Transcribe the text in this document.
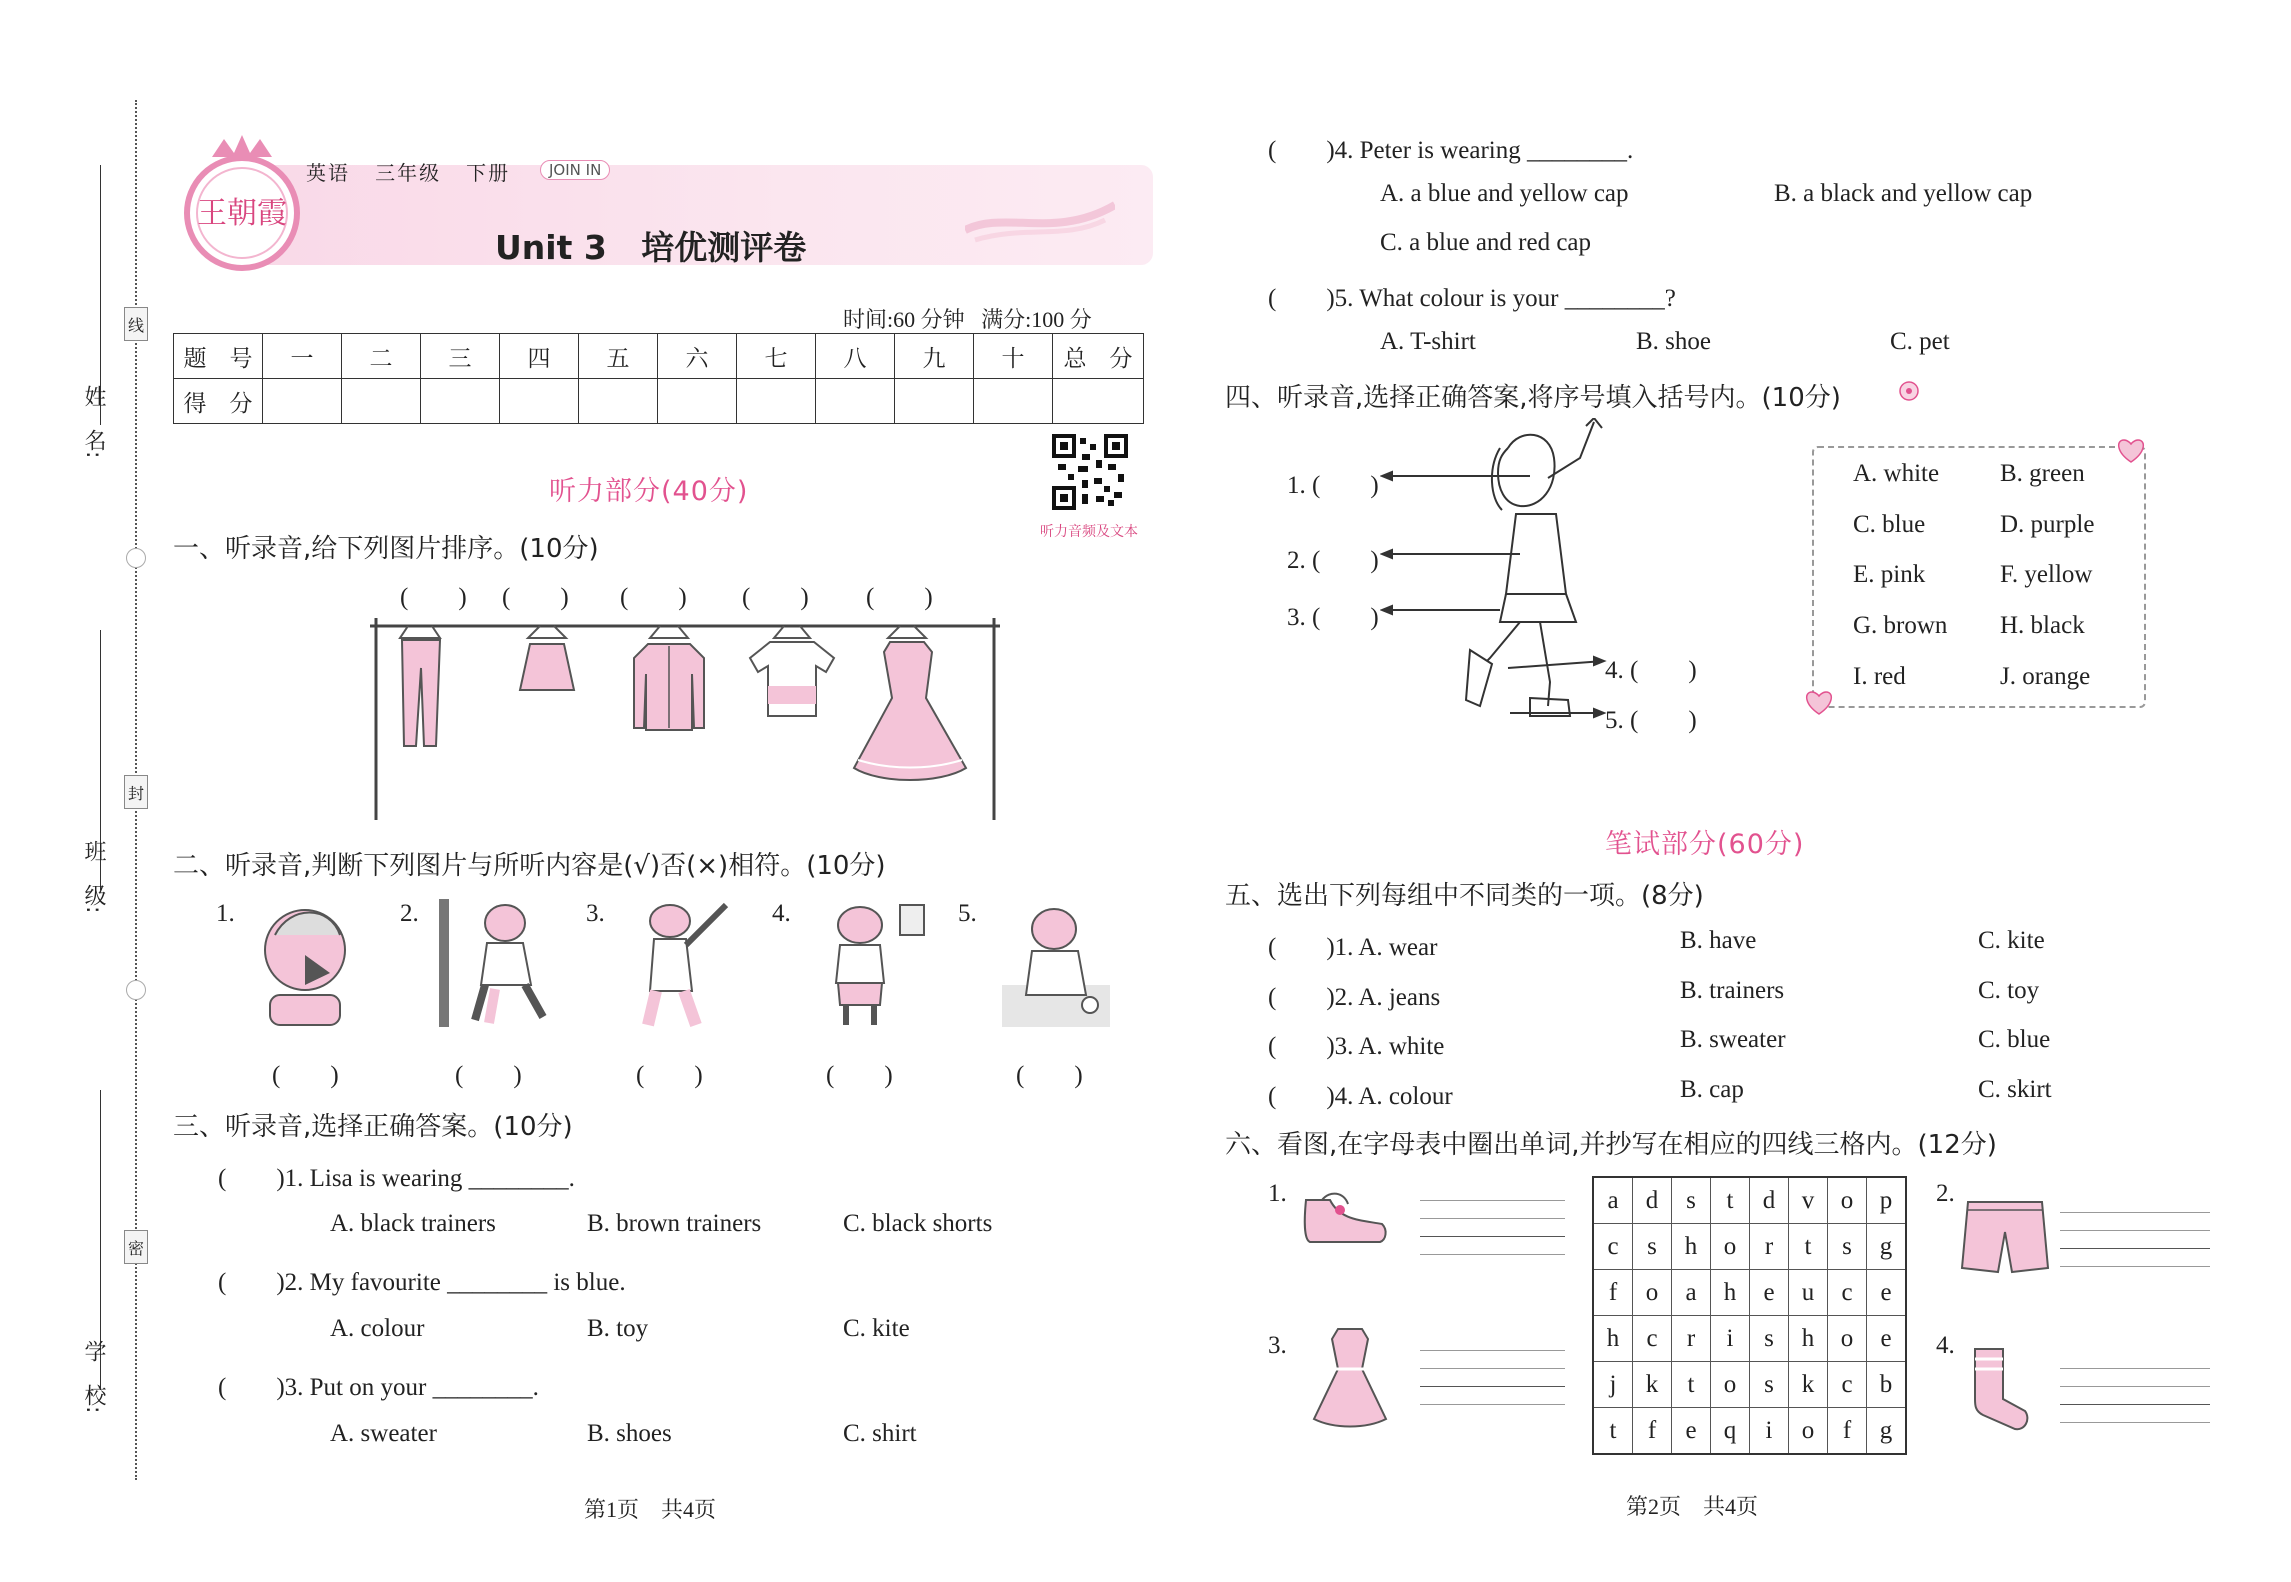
姓　名:
班　级:
学　校:
线
封
密
王朝霞
英语 三年级 下册	JOIN IN
Unit 3   培优测评卷
时间:60 分钟   满分:100 分
题　号	一	二	三	四	五	六	七	八	九	十	总　分
得　分											
听力音频及文本
听力部分(40分)
一、听录音,给下列图片排序。(10分)
(　　) (　　) (　　) (　　) (　　)
二、听录音,判断下列图片与所听内容是(√)否(×)相符。(10分)
1.	2.	3.	4.	5.
(　　)	(　　)	(　　)	(　　)	(　　)
三、听录音,选择正确答案。(10分)
(　　)1. Lisa is wearing ________.
A. black trainers	B. brown trainers	C. black shorts
(　　)2. My favourite ________ is blue.
A. colour	B. toy	C. kite
(　　)3. Put on your ________.
A. sweater	B. shoes	C. shirt
(　　)4. Peter is wearing ________.
A. a blue and yellow cap	B. a black and yellow cap
C. a blue and red cap
(　　)5. What colour is your ________?
A. T-shirt	B. shoe	C. pet
第1页　共4页
四、听录音,选择正确答案,将序号填入括号内。(10分)
1. (　　)
2. (　　)
3. (　　)
4. (　　)
5. (　　)
A. white B. green
C. blue	D. purple
E. pink	F. yellow
G. brown H. black
I. red	J. orange
笔试部分(60分)
五、选出下列每组中不同类的一项。(8分)
(　　)1. A. wear	B. have	C. kite
(　　)2. A. jeans	B. trainers	C. toy
(　　)3. A. white	B. sweater	C. blue
(　　)4. A. colour	B. cap	C. skirt
六、看图,在字母表中圈出单词,并抄写在相应的四线三格内。(12分)
1.	2.
3.	4.
a	d	s	t	d	v	o	p
c	s	h	o	r	t	s	g
f	o	a	h	e	u	c	e
h	c	r	i	s	h	o	e
j	k	t	o	s	k	c	b
t	f	e	q	i	o	f	g
第2页　共4页
